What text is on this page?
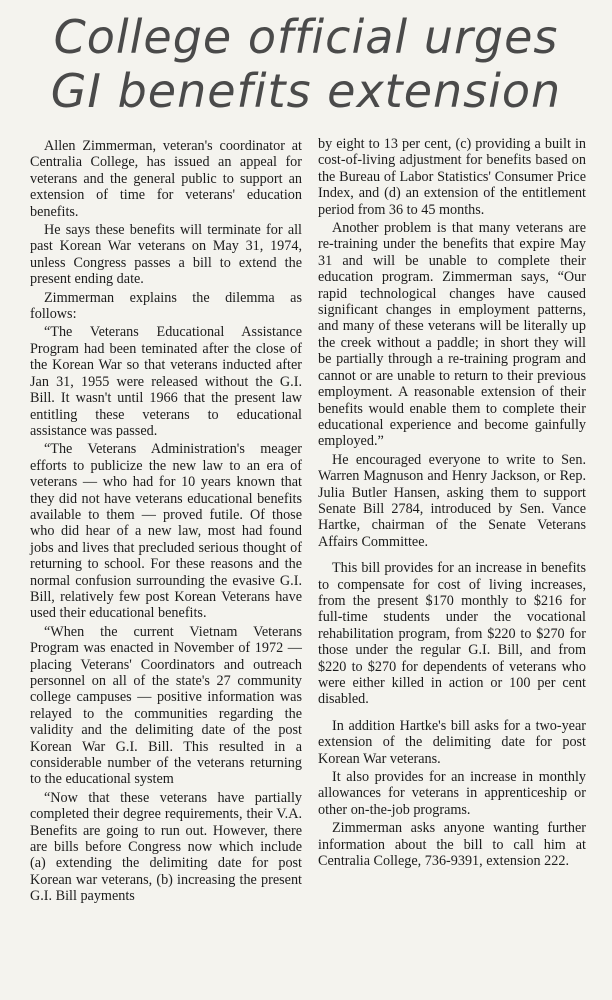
College official urges
GI benefits extension

Allen Zimmerman, veteran's coordinator at Centralia College, has issued an appeal for veterans and the general public to support an extension of time for veterans' education benefits.

He says these benefits will terminate for all past Korean War veterans on May 31, 1974, unless Congress passes a bill to extend the present ending date.

Zimmerman explains the dilemma as follows:

“The Veterans Educational Assistance Program had been teminated after the close of the Korean War so that veterans inducted after Jan 31, 1955 were released without the G.I. Bill. It wasn't until 1966 that the present law entitling these veterans to educational assistance was passed.

“The Veterans Administration's meager efforts to publicize the new law to an era of veterans — who had for 10 years known that they did not have veterans educational benefits available to them — proved futile. Of those who did hear of a new law, most had found jobs and lives that precluded serious thought of returning to school. For these reasons and the normal confusion surrounding the evasive G.I. Bill, relatively few post Korean Veterans have used their educational benefits.

“When the current Vietnam Veterans Program was enacted in November of 1972 — placing Veterans' Coordinators and outreach personnel on all of the state's 27 community college campuses — positive information was relayed to the communities regarding the validity and the delimiting date of the post Korean War G.I. Bill. This resulted in a considerable number of the veterans returning to the educational system

“Now that these veterans have partially completed their degree requirements, their V.A. Benefits are going to run out. However, there are bills before Congress now which include (a) extending the delimiting date for post Korean war veterans, (b) increasing the present G.I. Bill payments

by eight to 13 per cent, (c) providing a built in cost-of-living adjustment for benefits based on the Bureau of Labor Statistics' Consumer Price Index, and (d) an extension of the entitlement period from 36 to 45 months.

Another problem is that many veterans are re-training under the benefits that expire May 31 and will be unable to complete their education program. Zimmerman says, “Our rapid technological changes have caused significant changes in employment patterns, and many of these veterans will be literally up the creek without a paddle; in short they will be partially through a re-training program and cannot or are unable to return to their previous employment. A reasonable extension of their benefits would enable them to complete their educational experience and become gainfully employed.”

He encouraged everyone to write to Sen. Warren Magnuson and Henry Jackson, or Rep. Julia Butler Hansen, asking them to support Senate Bill 2784, introduced by Sen. Vance Hartke, chairman of the Senate Veterans Affairs Committee.

This bill provides for an increase in benefits to compensate for cost of living increases, from the present $170 monthly to $216 for full-time students under the vocational rehabilitation program, from $220 to $270 for those under the regular G.I. Bill, and from $220 to $270 for dependents of veterans who were either killed in action or 100 per cent disabled.

In addition Hartke's bill asks for a two-year extension of the delimiting date for post Korean War veterans.

It also provides for an increase in monthly allowances for veterans in apprenticeship or other on-the-job programs.

Zimmerman asks anyone wanting further information about the bill to call him at Centralia College, 736-9391, extension 222.
